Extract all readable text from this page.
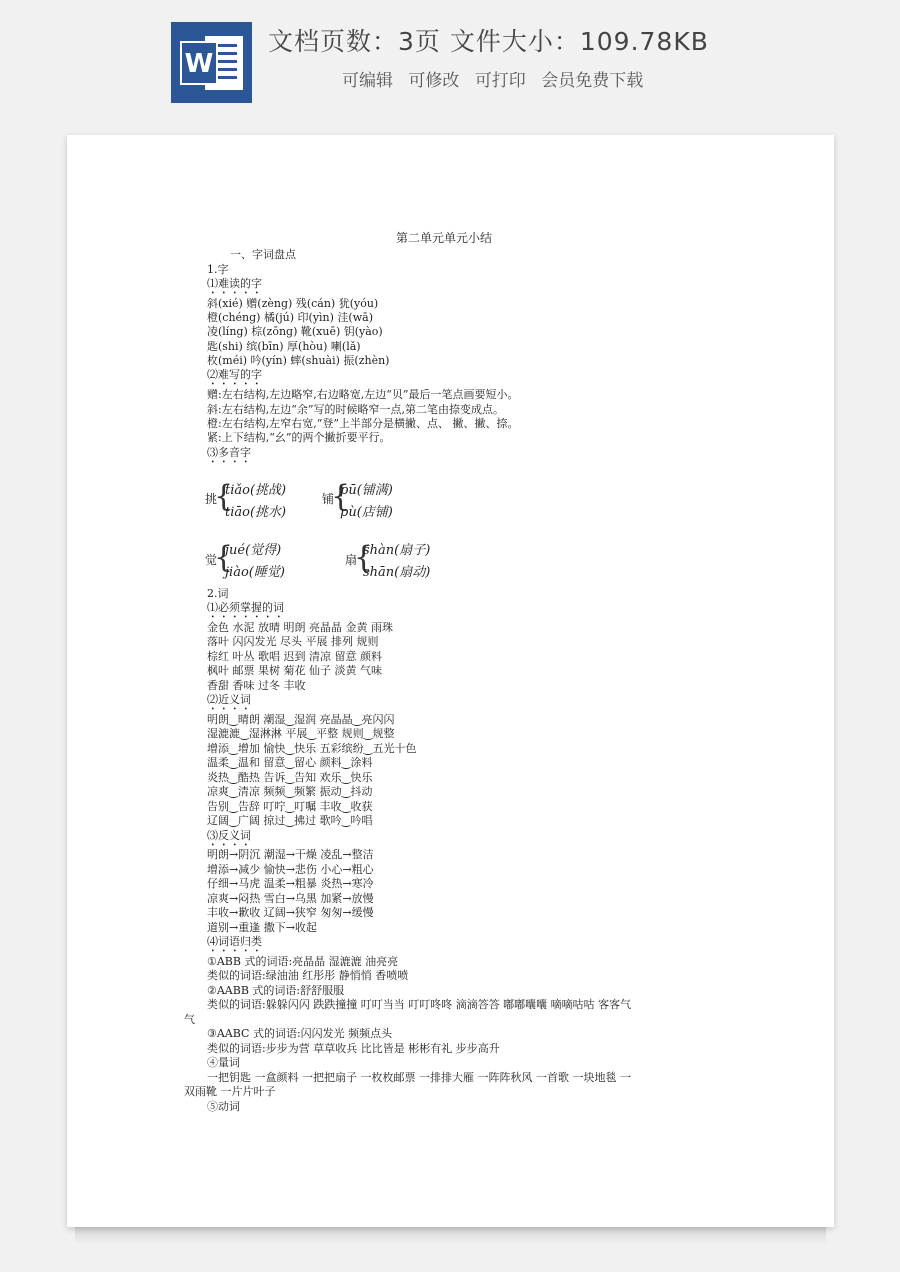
W
文档页数：3页 文件大小：109.78KB
可编辑 可修改 可打印 会员免费下载
第二单元单元小结
一、字词盘点
1.字
⑴难读的字
斜(xié) 赠(zèng) 残(cán) 犹(yóu)
橙(chéng) 橘(jú) 印(yìn) 洼(wā)
凌(líng) 棕(zōng) 靴(xuē) 钥(yào)
匙(shi) 缤(bīn) 厚(hòu) 喇(lǎ)
枚(méi) 吟(yín) 蟀(shuài) 振(zhèn)
⑵难写的字
赠:左右结构,左边略窄,右边略宽,左边“贝”最后一笔点画要短小。
斜:左右结构,左边“余”写的时候略窄一点,第二笔由捺变成点。
橙:左右结构,左窄右宽,“登”上半部分是横撇、点、 撇、撇、捺。
紧:上下结构,“幺”的两个撇折要平行。
⑶多音字
挑
{
tiǎo(挑战)
tiāo(挑水)
铺
{
pū(铺满)
pù(店铺)
觉
{
jué(觉得)
jiào(睡觉)
扇
{
shàn(扇子)
shān(扇动)
2.词
⑴必须掌握的词
金色 水泥 放晴 明朗 亮晶晶 金黄 雨珠
落叶 闪闪发光 尽头 平展 排列 规则
棕红 叶丛 歌唱 迟到 清凉 留意 颜料
枫叶 邮票 果树 菊花 仙子 淡黄 气味
香甜 香味 过冬 丰收
⑵近义词
明朗‿晴朗 潮湿‿湿润 亮晶晶‿亮闪闪
湿漉漉‿湿淋淋 平展‿平整 规则‿规整
增添‿增加 愉快‿快乐 五彩缤纷‿五光十色
温柔‿温和 留意‿留心 颜料‿涂料
炎热‿酷热 告诉‿告知 欢乐‿快乐
凉爽‿清凉 频频‿频繁 振动‿抖动
告别‿告辞 叮咛‿叮嘱 丰收‿收获
辽阔‿广阔 掠过‿拂过 歌吟‿吟唱
⑶反义词
明朗→阴沉 潮湿→干燥 凌乱→整洁
增添→减少 愉快→悲伤 小心→粗心
仔细→马虎 温柔→粗暴 炎热→寒冷
凉爽→闷热 雪白→乌黑 加紧→放慢
丰收→歉收 辽阔→狭窄 匆匆→缓慢
道别→重逢 撒下→收起
⑷词语归类
①ABB 式的词语:亮晶晶 湿漉漉 油亮亮
类似的词语:绿油油 红彤彤 静悄悄 香喷喷
②AABB 式的词语:舒舒服服
类似的词语:躲躲闪闪 跌跌撞撞 叮叮当当 叮叮咚咚 滴滴答答 嘟嘟囔囔 嘀嘀咕咕 客客气
气
③AABC 式的词语:闪闪发光 频频点头
类似的词语:步步为营 草草收兵 比比皆是 彬彬有礼 步步高升
④量词
一把钥匙 一盒颜料 一把把扇子 一枚枚邮票 一排排大雁 一阵阵秋风 一首歌 一块地毯 一
双雨靴 一片片叶子
⑤动词
